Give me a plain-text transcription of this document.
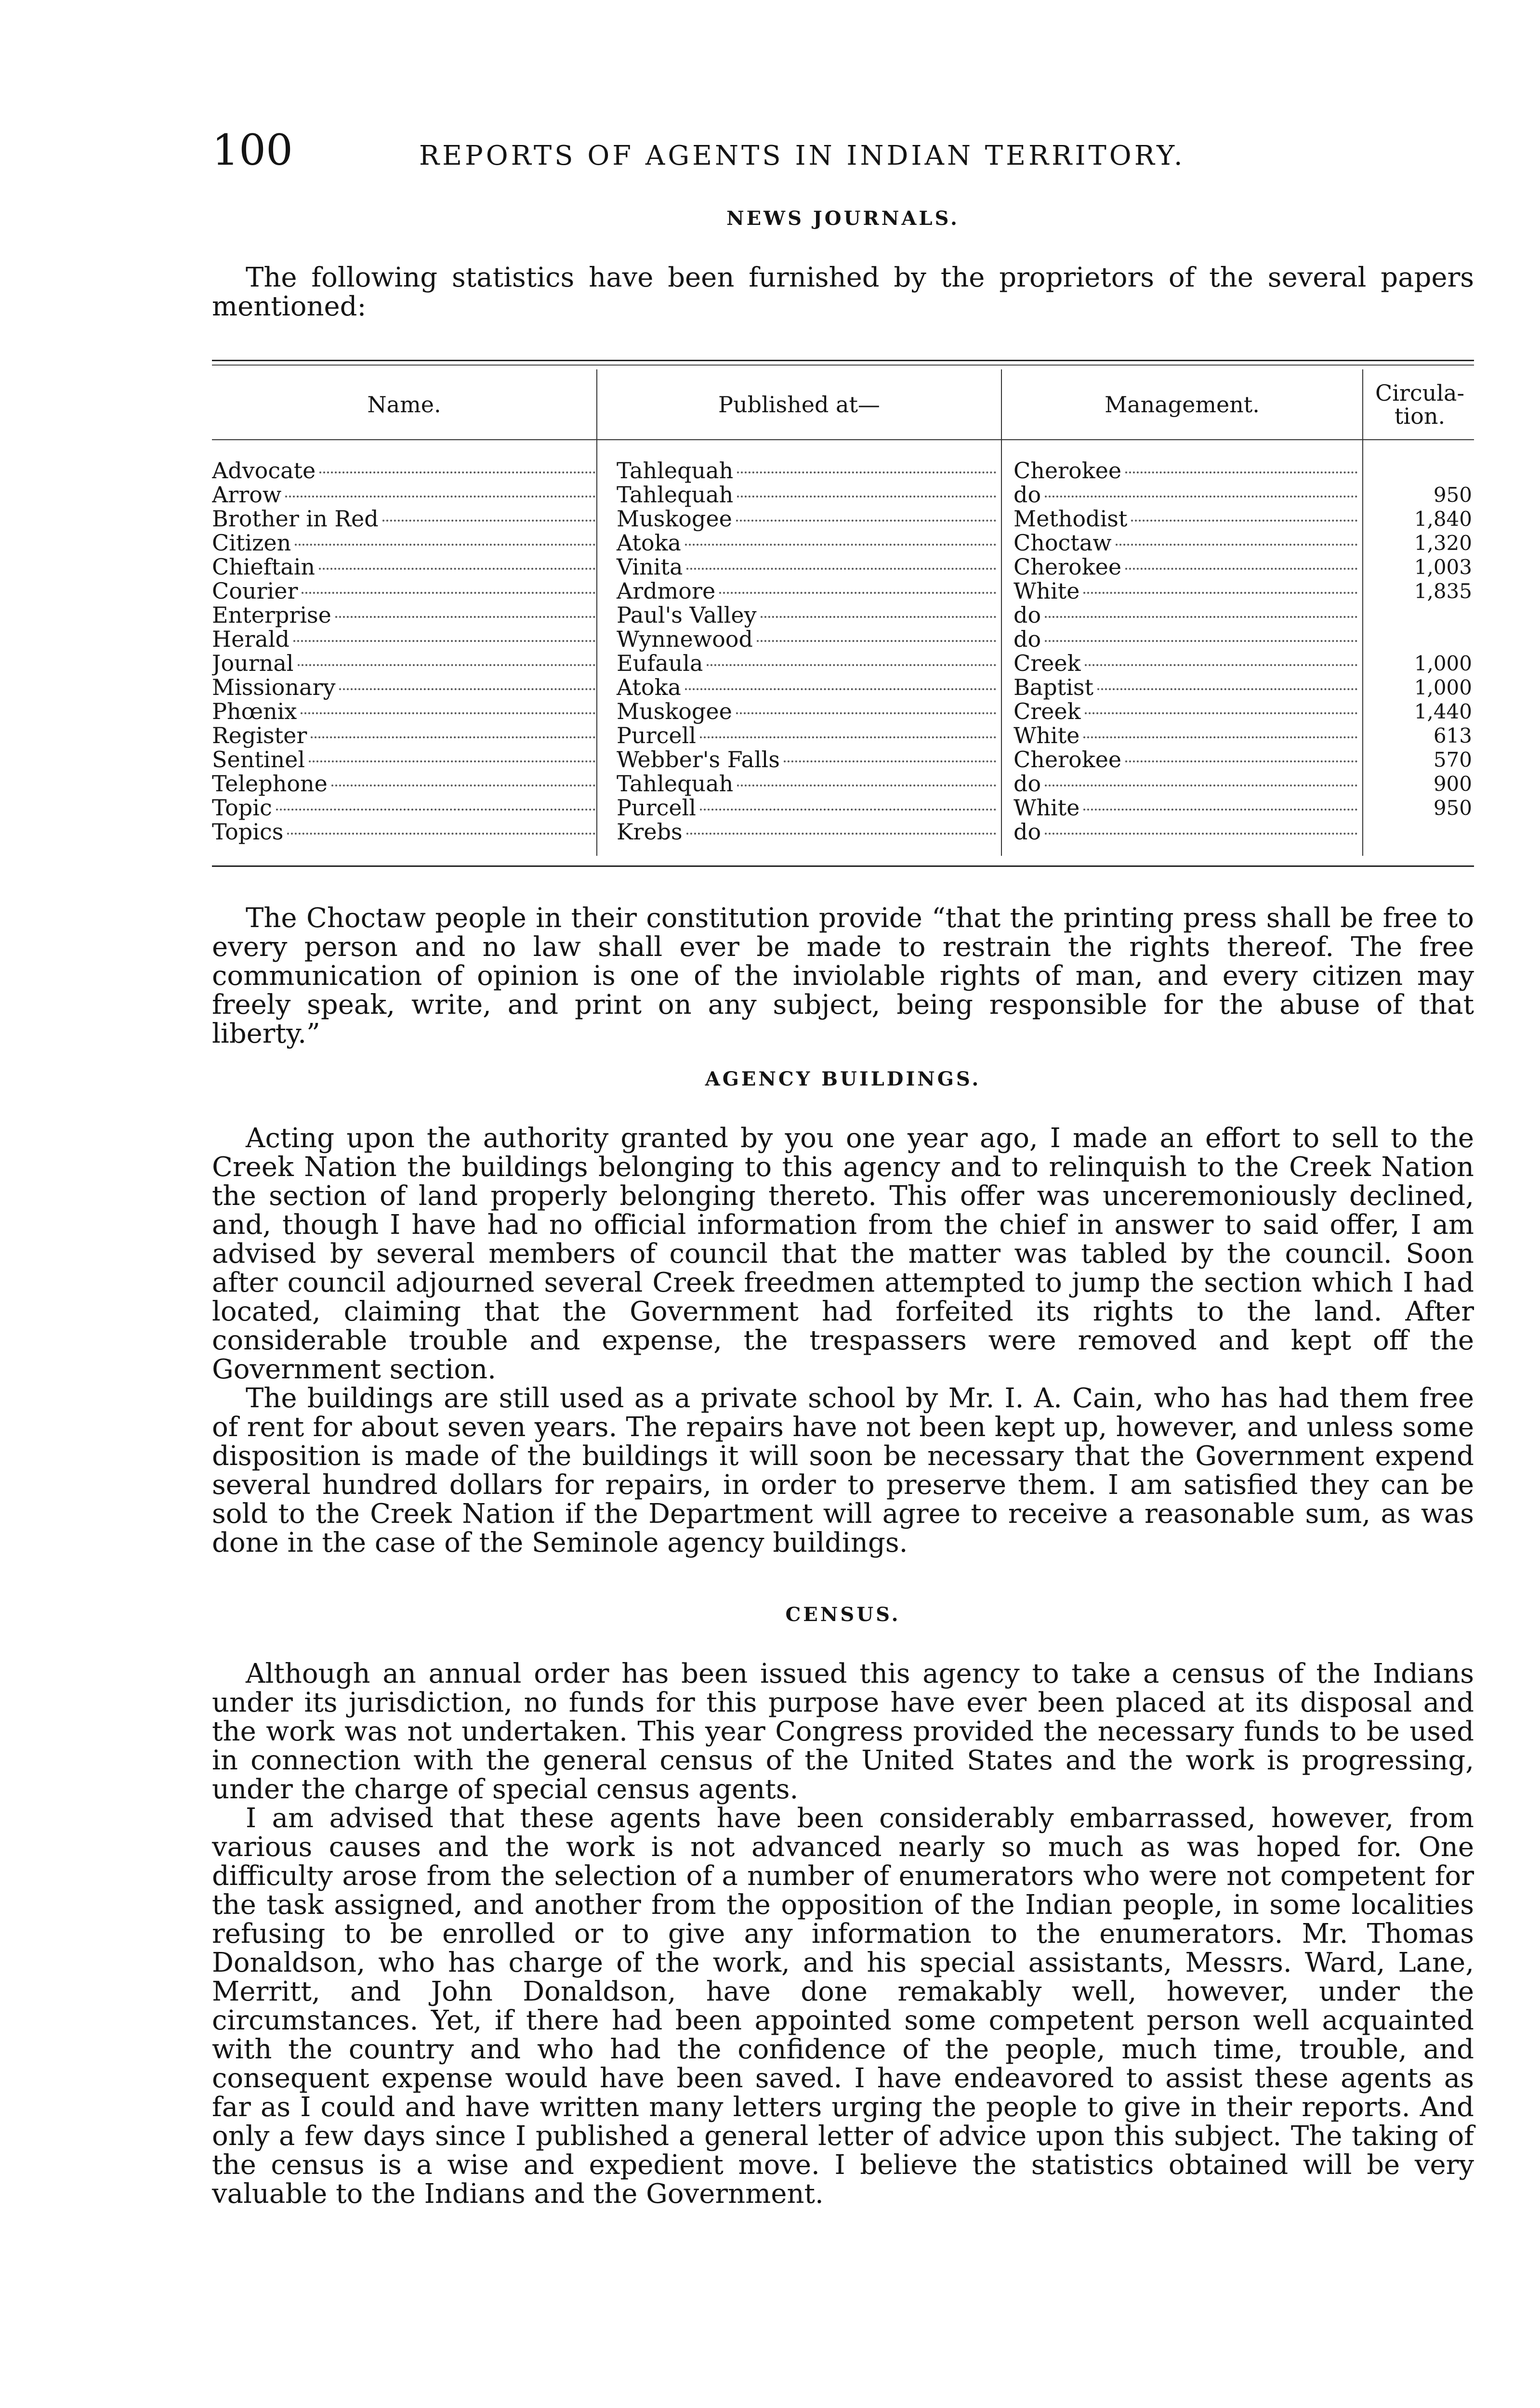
100	REPORTS OF AGENTS IN INDIAN TERRITORY.
NEWS JOURNALS.

The following statistics have been furnished by the proprietors of the several papers mentioned:

Name.	Published at—	Management.	Circula-tion.
Advocate	Tahlequah	Cherokee
Arrow	Tahlequah	do	950
Brother in Red	Muskogee	Methodist	1,840
Citizen	Atoka	Choctaw	1,320
Chieftain	Vinita	Cherokee	1,003
Courier	Ardmore	White	1,835
Enterprise	Paul's Valley	do
Herald	Wynnewood	do
Journal	Eufaula	Creek	1,000
Missionary	Atoka	Baptist	1,000
Phœnix	Muskogee	Creek	1,440
Register	Purcell	White	613
Sentinel	Webber's Falls	Cherokee	570
Telephone	Tahlequah	do	900
Topic	Purcell	White	950
Topics	Krebs	do

The Choctaw people in their constitution provide “that the printing press shall be free to every person and no law shall ever be made to restrain the rights thereof. The free communication of opinion is one of the inviolable rights of man, and every citizen may freely speak, write, and print on any subject, being responsible for the abuse of that liberty.”

AGENCY BUILDINGS.

Acting upon the authority granted by you one year ago, I made an effort to sell to the Creek Nation the buildings belonging to this agency and to relinquish to the Creek Nation the section of land properly belonging thereto. This offer was unceremoniously declined, and, though I have had no official information from the chief in answer to said offer, I am advised by several members of council that the matter was tabled by the council. Soon after council adjourned several Creek freedmen attempted to jump the section which I had located, claiming that the Government had forfeited its rights to the land. After considerable trouble and expense, the trespassers were removed and kept off the Government section.

The buildings are still used as a private school by Mr. I. A. Cain, who has had them free of rent for about seven years. The repairs have not been kept up, however, and unless some disposition is made of the buildings it will soon be necessary that the Government expend several hundred dollars for repairs, in order to preserve them. I am satisfied they can be sold to the Creek Nation if the Department will agree to receive a reasonable sum, as was done in the case of the Seminole agency buildings.

CENSUS.

Although an annual order has been issued this agency to take a census of the Indians under its jurisdiction, no funds for this purpose have ever been placed at its disposal and the work was not undertaken. This year Congress provided the necessary funds to be used in connection with the general census of the United States and the work is progressing, under the charge of special census agents.

I am advised that these agents have been considerably embarrassed, however, from various causes and the work is not advanced nearly so much as was hoped for. One difficulty arose from the selection of a number of enumerators who were not competent for the task assigned, and another from the opposition of the Indian people, in some localities refusing to be enrolled or to give any information to the enumerators. Mr. Thomas Donaldson, who has charge of the work, and his special assistants, Messrs. Ward, Lane, Merritt, and John Donaldson, have done remakably well, however, under the circumstances. Yet, if there had been appointed some competent person well acquainted with the country and who had the confidence of the people, much time, trouble, and consequent expense would have been saved. I have endeavored to assist these agents as far as I could and have written many letters urging the people to give in their reports. And only a few days since I published a general letter of advice upon this subject. The taking of the census is a wise and expedient move. I believe the statistics obtained will be very valuable to the Indians and the Government.
